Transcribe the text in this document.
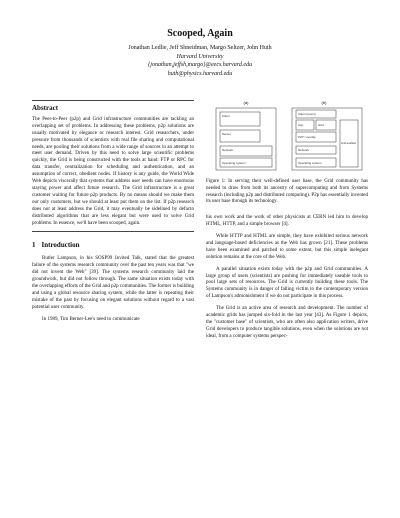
Scooped, Again
Jonathan Ledlie, Jeff Shneidman, Margo Seltzer, John Huth
Harvard University
{jonathan,jeffsh,margo}@eecs.harvard.edu
huth@physics.harvard.edu
Abstract
The Peer-to-Peer (p2p) and Grid infrastructure communities are tackling an overlapping set of problems. In addressing these problems, p2p solutions are usually motivated by elegance or research interest. Grid researchers, under pressure from thousands of scientists with real file sharing and computational needs, are pooling their solutions from a wide range of sources in an attempt to meet user demand. Driven by this need to solve large scientific problems quickly, the Grid is being constructed with the tools at hand: FTP or RPC for data transfer, centralization for scheduling and authentication, and an assumption of correct, obedient nodes. If history is any guide, the World Wide Web depicts viscerally that systems that address user needs can have enormous staying power and affect future research. The Grid infrastructure is a great customer waiting for future p2p products. By no means should we make them our only customers, but we should at least put them on the list. If p2p research does not at least address the Grid, it may eventually be sidelined by defacto distributed algorithms that are less elegant but were used to solve Grid problems. In essence, we'll have been scooped, again.
1 Introduction

Butler Lampson, in his SOSP99 Invited Talk, stated that the greatest failure of the systems research community over the past ten years was that "we did not invent the Web" [39]. The systems research community laid the groundwork, but did not follow through. The same situation exists today with the overlapping efforts of the Grid and p2p communities. The former is building and using a global resource sharing system, while the latter is repeating their mistake of the past by focusing on elegant solutions without regard to a vast potential user community.

In 1989, Tim Berner-Lee's need to communicate

(a)	(b)
Client
Server
Network
Operating system
Client (users)
App	Grid
P2P / overlay
Network
Operating system
Grid-enabled
Figure 1: In serving their well-defined user base, the Grid community has needed to draw from both its ancestry of supercomputing and from Systems research (including p2p and distributed computing). P2p has essentially invented its user base through its technology.

his own work and the work of other physicists at CERN led him to develop HTML, HTTP, and a simple browser [4].

While HTTP and HTML are simple, they have exhibited serious network and language-based deficiencies as the Web has grown [21]. These problems have been examined and patched to some extent, but this simple inelegant solution remains at the core of the Web.

A parallel situation exists today with the p2p and Grid communities. A large group of users (scientists) are pushing for immediately useable tools to pool large sets of resources. The Grid is currently building these tools. The Systems community is in danger of falling victim to the contemporary version of Lampson's admonishment if we do not participate in this process.

The Grid is an active area of research and development. The number of academic grids has jumped six-fold in the last year [43]. As Figure 1 depicts, the "customer base" of scientists, who are often also application writers, drive Grid developers to produce tangible solutions, even when the solutions are not ideal, from a computer systems perspec-
